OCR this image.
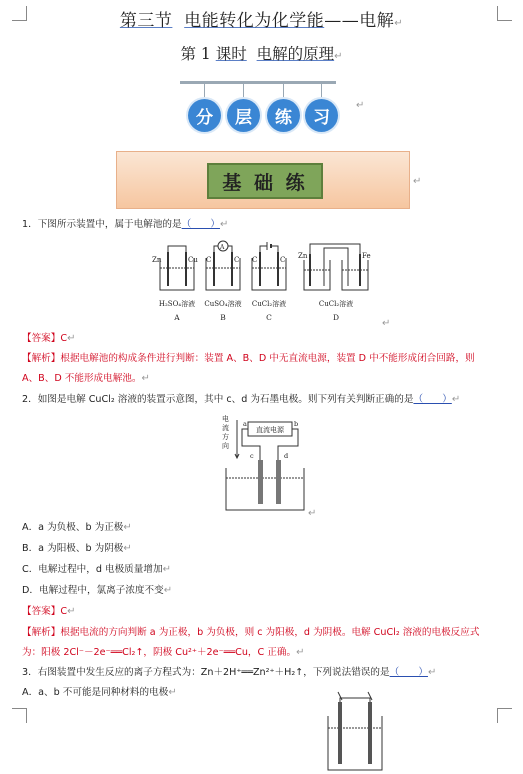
第三节 电能转化为化学能——电解↵
第 1 课时 电解的原理↵
分	层	练	习
↵
基 础 练	↵
1．下图所示装置中，属于电解池的是（　　）↵
Zn	Cu C
A
C C	C Zn	Fe
H₂SO₄溶液 CuSO₄溶液 CuCl₂溶液	CuCl₂溶液
A	B	C	D
↵
【答案】C↵
【解析】根据电解池的构成条件进行判断：装置 A、B、D 中无直流电源，装置 D 中不能形成闭合回路，则
A、B、D 不能形成电解池。↵
2．如图是电解 CuCl₂ 溶液的装置示意图，其中 c、d 为石墨电极。则下列有关判断正确的是（　　）↵
电
流
方
向
直流电源
a	b
c	d
↵
A．a 为负极、b 为正极↵
B．a 为阳极、b 为阴极↵
C．电解过程中，d 电极质量增加↵
D．电解过程中，氯离子浓度不变↵
【答案】C↵
【解析】根据电流的方向判断 a 为正极，b 为负极，则 c 为阳极，d 为阴极。电解 CuCl₂ 溶液的电极反应式
为：阳极 2Cl⁻－2e⁻══Cl₂↑，阴极 Cu²⁺＋2e⁻══Cu，C 正确。↵
3．右图装置中发生反应的离子方程式为：Zn＋2H⁺══Zn²⁺＋H₂↑，下列说法错误的是（　　）↵
A．a、b 不可能是同种材料的电极↵
